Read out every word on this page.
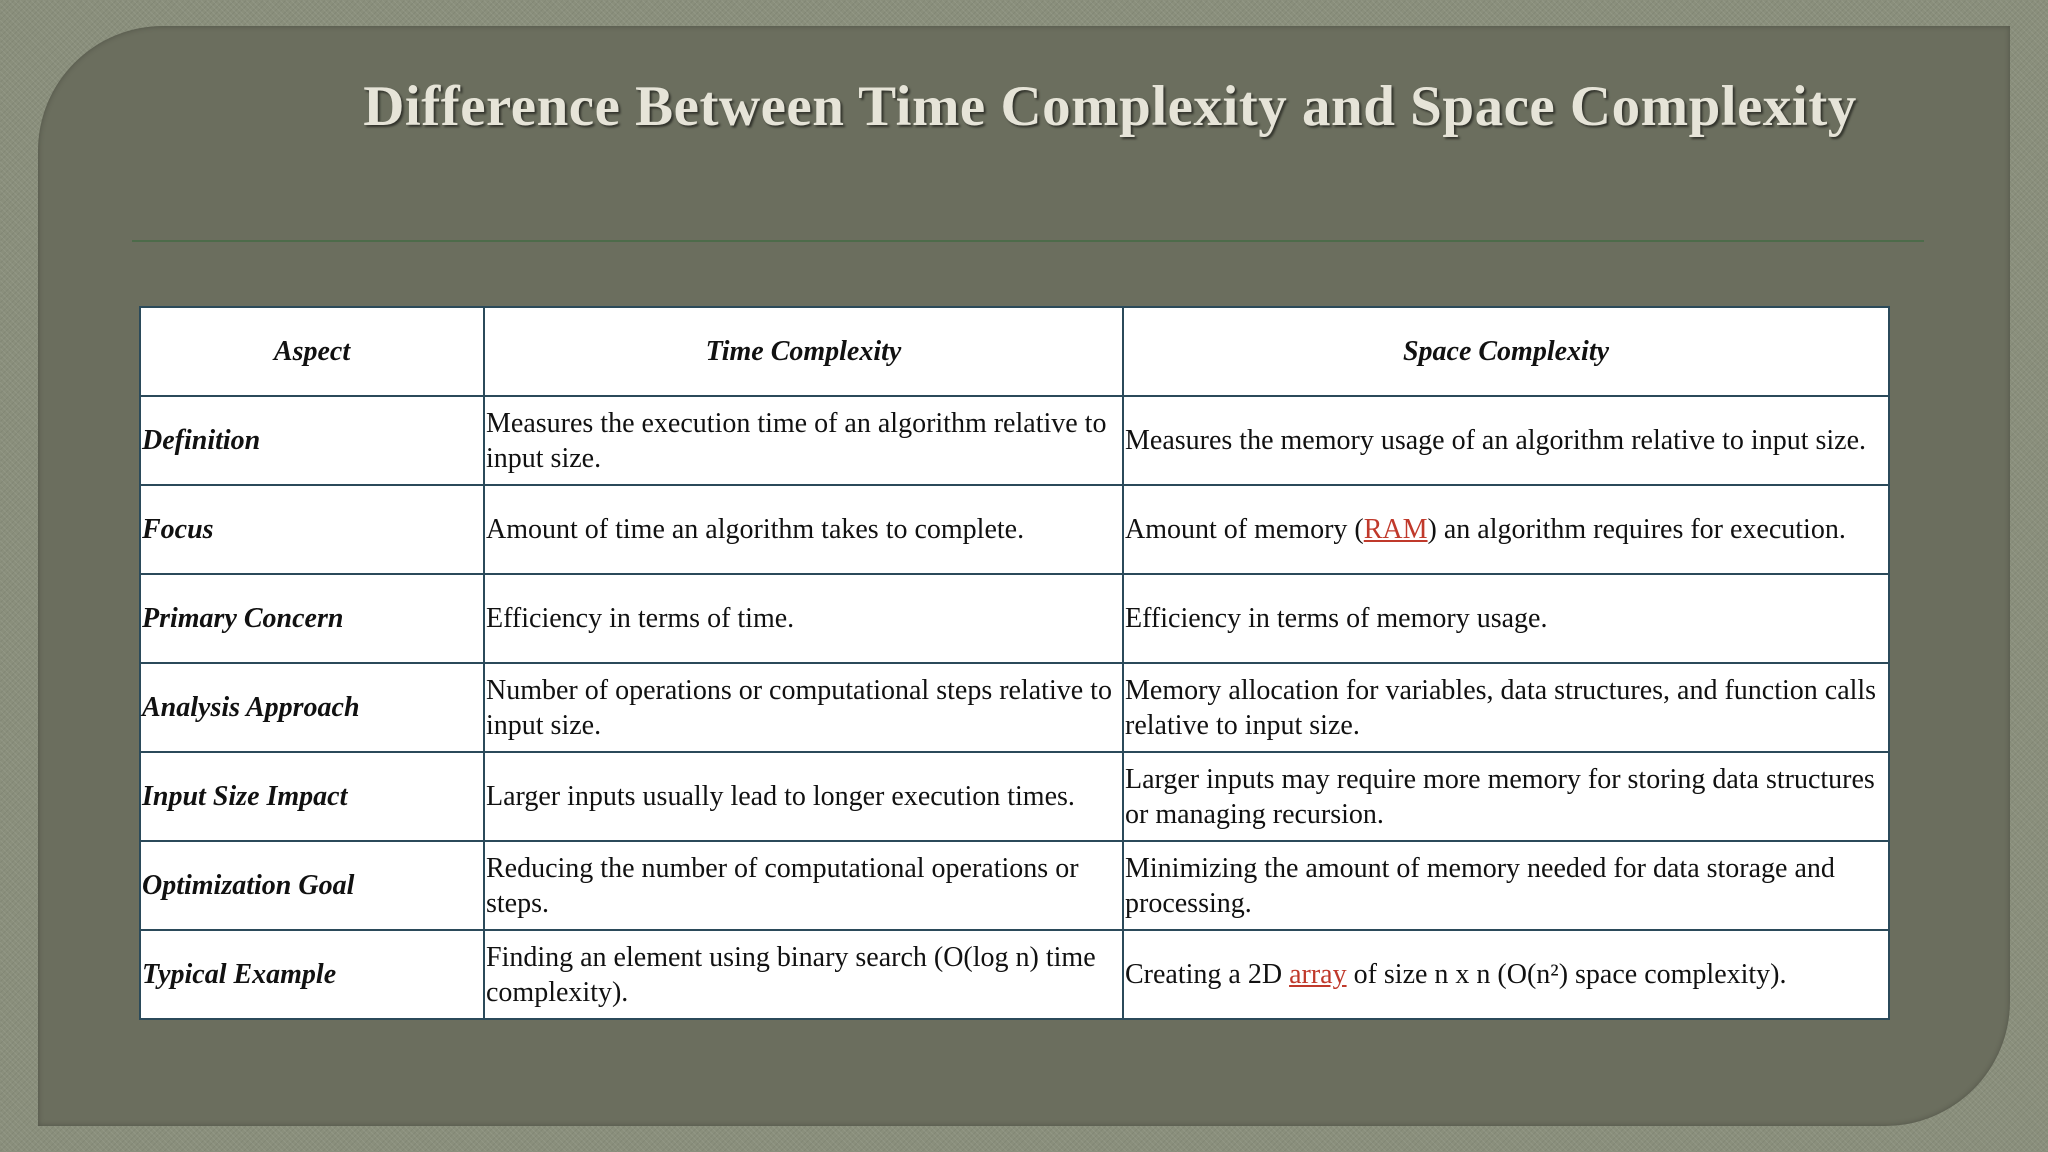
Difference Between Time Complexity and Space Complexity
Aspect	Time Complexity	Space Complexity
Definition	Measures the execution time of an algorithm relative to input size.	Measures the memory usage of an algorithm relative to input size.
Focus	Amount of time an algorithm takes to complete.	Amount of memory (RAM) an algorithm requires for execution.
Primary Concern	Efficiency in terms of time.	Efficiency in terms of memory usage.
Analysis Approach	Number of operations or computational steps relative to input size.	Memory allocation for variables, data structures, and function calls relative to input size.
Input Size Impact	Larger inputs usually lead to longer execution times.	Larger inputs may require more memory for storing data structures or managing recursion.
Optimization Goal	Reducing the number of computational operations or steps.	Minimizing the amount of memory needed for data storage and processing.
Typical Example	Finding an element using binary search (O(log n) time complexity).	Creating a 2D array of size n x n (O(n²) space complexity).
